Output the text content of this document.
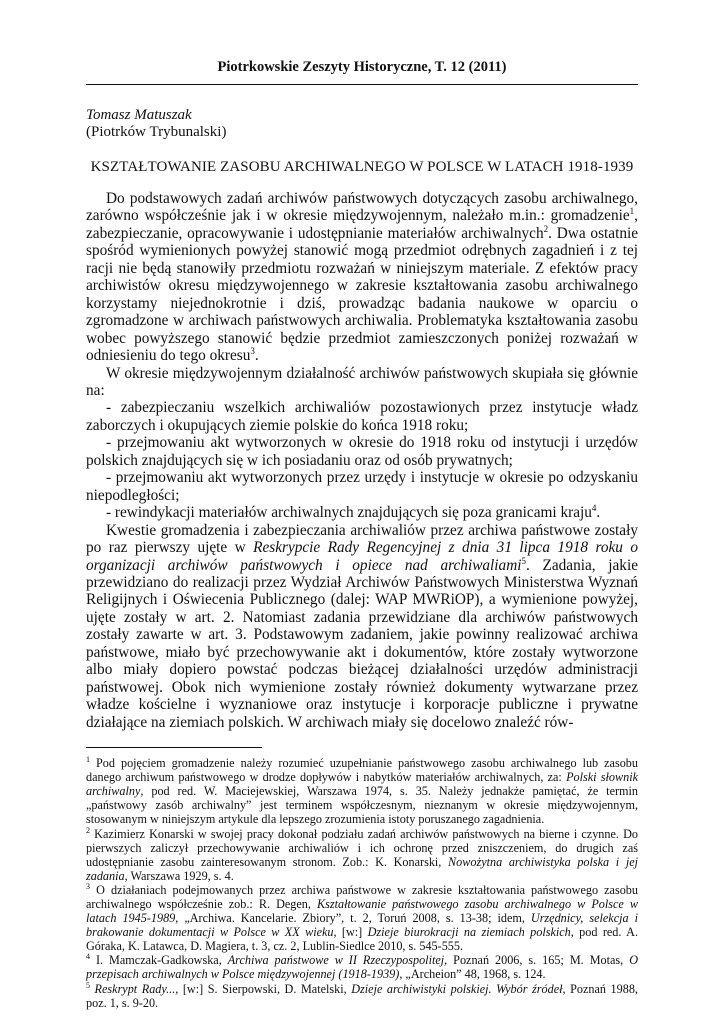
Piotrkowskie Zeszyty Historyczne, T. 12 (2011)
Tomasz Matuszak
(Piotrków Trybunalski)
KSZTAŁTOWANIE ZASOBU ARCHIWALNEGO W POLSCE W LATACH 1918-1939

Do podstawowych zadań archiwów państwowych dotyczących zasobu archiwalnego, zarówno współcześnie jak i w okresie międzywojennym, należało m.in.: gromadzenie$^1$, zabezpieczanie, opracowywanie i udostępnianie materiałów archiwalnych$^2$. Dwa ostatnie spośród wymienionych powyżej stanowić mogą przedmiot odrębnych zagadnień i z tej racji nie będą stanowiły przedmiotu rozważań w niniejszym materiale. Z efektów pracy archiwistów okresu międzywojennego w zakresie kształtowania zasobu archiwalnego korzystamy niejednokrotnie i dziś, prowadząc badania naukowe w oparciu o zgromadzone w archiwach państwowych archiwalia. Problematyka kształtowania zasobu wobec powyższego stanowić będzie przedmiot zamieszczonych poniżej rozważań w odniesieniu do tego okresu$^3$.

W okresie międzywojennym działalność archiwów państwowych skupiała się głównie na:

- zabezpieczaniu wszelkich archiwaliów pozostawionych przez instytucje władz zaborczych i okupujących ziemie polskie do końca 1918 roku;

- przejmowaniu akt wytworzonych w okresie do 1918 roku od instytucji i urzędów polskich znajdujących się w ich posiadaniu oraz od osób prywatnych;

- przejmowaniu akt wytworzonych przez urzędy i instytucje w okresie po odzyskaniu niepodległości;

- rewindykacji materiałów archiwalnych znajdujących się poza granicami kraju$^4$.

Kwestie gromadzenia i zabezpieczania archiwaliów przez archiwa państwowe zostały po raz pierwszy ujęte w Reskrypcie Rady Regencyjnej z dnia 31 lipca 1918 roku o organizacji archiwów państwowych i opiece nad archiwaliami$^5$. Zadania, jakie przewidziano do realizacji przez Wydział Archiwów Państwowych Ministerstwa Wyznań Religijnych i Oświecenia Publicznego (dalej: WAP MWRiOP), a wymienione powyżej, ujęte zostały w art. 2. Natomiast zadania przewidziane dla archiwów państwowych zostały zawarte w art. 3. Podstawowym zadaniem, jakie powinny realizować archiwa państwowe, miało być przechowywanie akt i dokumentów, które zostały wytworzone albo miały dopiero powstać podczas bieżącej działalności urzędów administracji państwowej. Obok nich wymienione zostały również dokumenty wytwarzane przez władze kościelne i wyznaniowe oraz instytucje i korporacje publiczne i prywatne działające na ziemiach polskich. W archiwach miały się docelowo znaleźć rów-

$^1$ Pod pojęciem gromadzenie należy rozumieć uzupełnianie państwowego zasobu archiwalnego lub zasobu danego archiwum państwowego w drodze dopływów i nabytków materiałów archiwalnych, za: Polski słownik archiwalny, pod red. W. Maciejewskiej, Warszawa 1974, s. 35. Należy jednakże pamiętać, że termin „państwowy zasób archiwalny” jest terminem współczesnym, nieznanym w okresie międzywojennym, stosowanym w niniejszym artykule dla lepszego zrozumienia istoty poruszanego zagadnienia.

$^2$ Kazimierz Konarski w swojej pracy dokonał podziału zadań archiwów państwowych na bierne i czynne. Do pierwszych zaliczył przechowywanie archiwaliów i ich ochronę przed zniszczeniem, do drugich zaś udostępnianie zasobu zainteresowanym stronom. Zob.: K. Konarski, Nowożytna archiwistyka polska i jej zadania, Warszawa 1929, s. 4.

$^3$ O działaniach podejmowanych przez archiwa państwowe w zakresie kształtowania państwowego zasobu archiwalnego współcześnie zob.: R. Degen, Kształtowanie państwowego zasobu archiwalnego w Polsce w latach 1945-1989, „Archiwa. Kancelarie. Zbiory”, t. 2, Toruń 2008, s. 13-38; idem, Urzędnicy, selekcja i brakowanie dokumentacji w Polsce w XX wieku, [w:] Dzieje biurokracji na ziemiach polskich, pod red. A. Góraka, K. Latawca, D. Magiera, t. 3, cz. 2, Lublin-Siedlce 2010, s. 545-555.

$^4$ I. Mamczak-Gadkowska, Archiwa państwowe w II Rzeczypospolitej, Poznań 2006, s. 165; M. Motas, O przepisach archiwalnych w Polsce międzywojennej (1918-1939), „Archeion” 48, 1968, s. 124.

$^5$ Reskrypt Rady..., [w:] S. Sierpowski, D. Matelski, Dzieje archiwistyki polskiej. Wybór źródeł, Poznań 1988, poz. 1, s. 9-20.
